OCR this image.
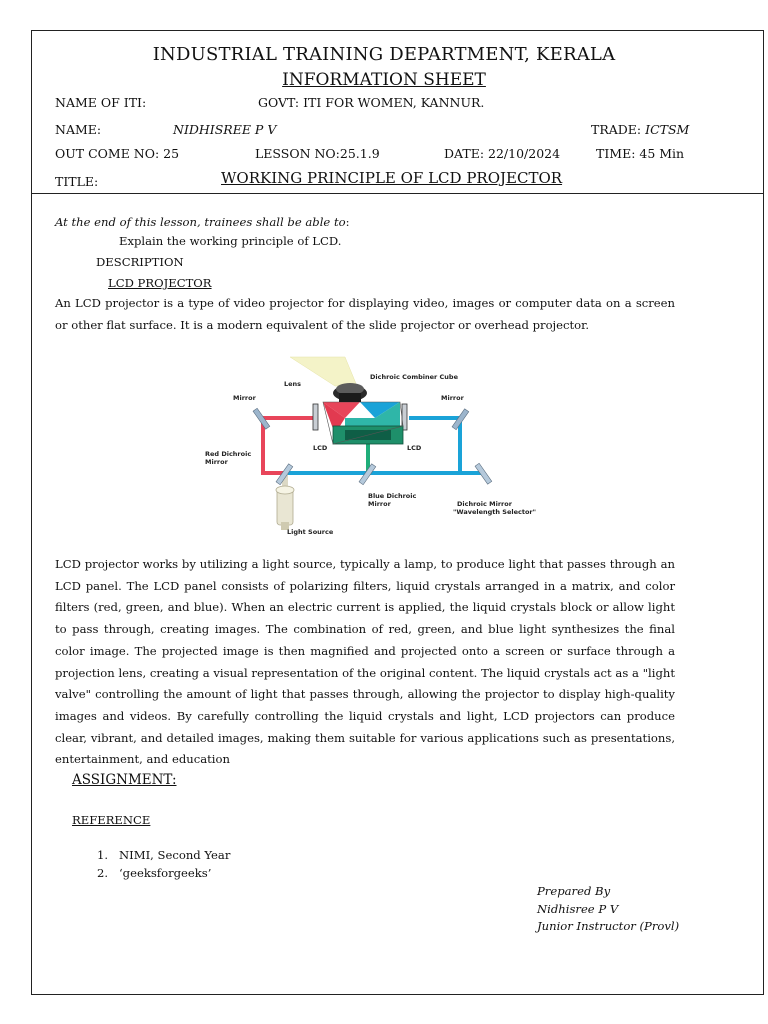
INDUSTRIAL TRAINING DEPARTMENT, KERALA
INFORMATION SHEET
NAME OF ITI:	GOVT: ITI FOR WOMEN, KANNUR.
NAME:	NIDHISREE P V	TRADE: ICTSM
OUT COME NO: 25	LESSON NO:25.1.9	DATE: 22/10/2024	TIME: 45 Min
TITLE:	WORKING PRINCIPLE OF LCD PROJECTOR
At the end of this lesson, trainees shall be able to:
Explain the working principle of LCD.
DESCRIPTION
LCD PROJECTOR
An LCD projector is a type of video projector for displaying video, images or computer data on a screen or other flat surface. It is a modern equivalent of the slide projector or overhead projector.
Lens
Dichroic Combiner Cube
Mirror	Mirror
LCD	LCD
Red Dichroic
Mirror
Blue Dichroic
Mirror	Dichroic Mirror
"Wavelength Selector"
Light Source
LCD projector works by utilizing a light source, typically a lamp, to produce light that passes through an LCD panel. The LCD panel consists of polarizing filters, liquid crystals arranged in a matrix, and color filters (red, green, and blue). When an electric current is applied, the liquid crystals block or allow light to pass through, creating images. The combination of red, green, and blue light synthesizes the final color image. The projected image is then magnified and projected onto a screen or surface through a projection lens, creating a visual representation of the original content. The liquid crystals act as a "light valve" controlling the amount of light that passes through, allowing the projector to display high-quality images and videos. By carefully controlling the liquid crystals and light, LCD projectors can produce clear, vibrant, and detailed images, making them suitable for various applications such as presentations, entertainment, and education
ASSIGNMENT:
REFERENCE
1. NIMI, Second Year
2. ‘geeksforgeeks’
Prepared By
Nidhisree P V
Junior Instructor (Provl)
